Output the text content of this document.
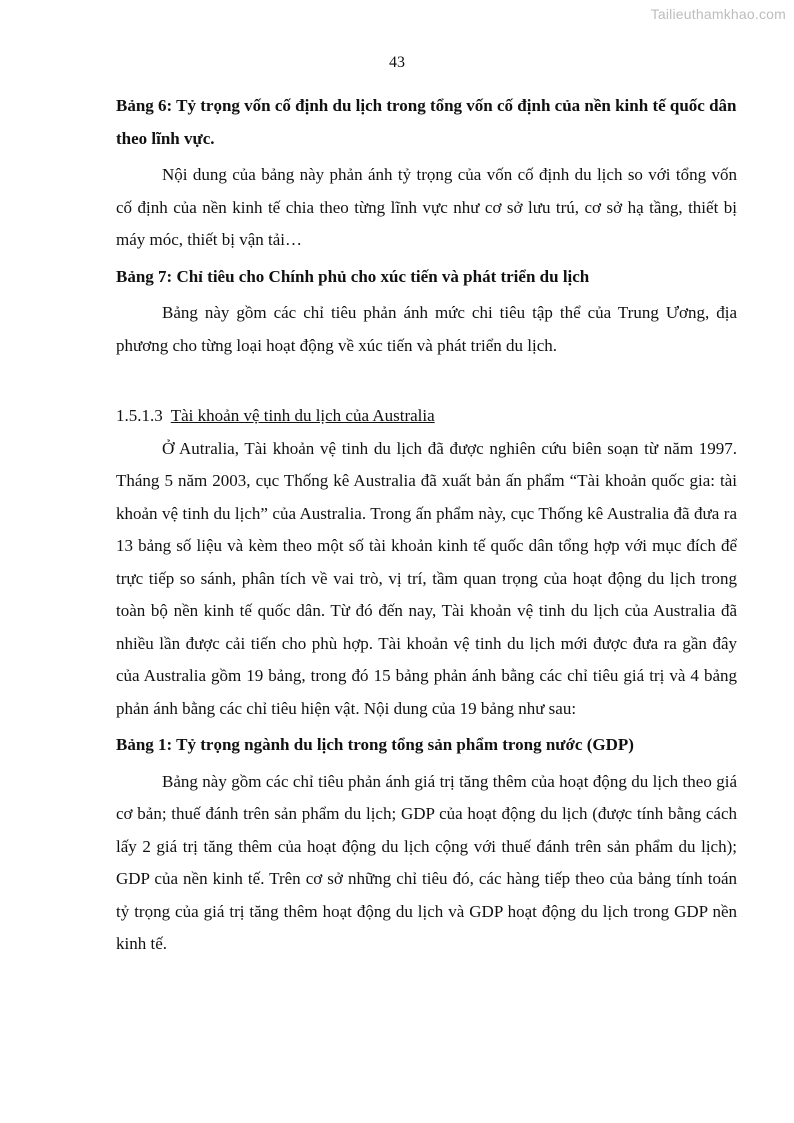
Tailieuthamkhao.com
43

Bảng 6: Tỷ trọng vốn cố định du lịch trong tổng vốn cố định của nền kinh tế quốc dân theo lĩnh vực.

Nội dung của bảng này phản ánh tỷ trọng của vốn cố định du lịch so với tổng vốn cố định của nền kinh tế chia theo từng lĩnh vực như cơ sở lưu trú, cơ sở hạ tầng, thiết bị máy móc, thiết bị vận tải…

Bảng 7: Chỉ tiêu cho Chính phủ cho xúc tiến và phát triển du lịch

Bảng này gồm các chỉ tiêu phản ánh mức chi tiêu tập thể của Trung Ương, địa phương cho từng loại hoạt động về xúc tiến và phát triển du lịch.

1.5.1.3 Tài khoản vệ tinh du lịch của Australia

Ở Autralia, Tài khoản vệ tinh du lịch đã được nghiên cứu biên soạn từ năm 1997. Tháng 5 năm 2003, cục Thống kê Australia đã xuất bản ấn phẩm “Tài khoản quốc gia: tài khoản vệ tinh du lịch” của Australia. Trong ấn phẩm này, cục Thống kê Australia đã đưa ra 13 bảng số liệu và kèm theo một số tài khoản kinh tế quốc dân tổng hợp với mục đích để trực tiếp so sánh, phân tích về vai trò, vị trí, tầm quan trọng của hoạt động du lịch trong toàn bộ nền kinh tế quốc dân. Từ đó đến nay, Tài khoản vệ tinh du lịch của Australia đã nhiều lần được cải tiến cho phù hợp. Tài khoản vệ tinh du lịch mới được đưa ra gần đây của Australia gồm 19 bảng, trong đó 15 bảng phản ánh bằng các chỉ tiêu giá trị và 4 bảng phản ánh bằng các chỉ tiêu hiện vật. Nội dung của 19 bảng như sau:

Bảng 1: Tỷ trọng ngành du lịch trong tổng sản phẩm trong nước (GDP)

Bảng này gồm các chỉ tiêu phản ánh giá trị tăng thêm của hoạt động du lịch theo giá cơ bản; thuế đánh trên sản phẩm du lịch; GDP của hoạt động du lịch (được tính bằng cách lấy 2 giá trị tăng thêm của hoạt động du lịch cộng với thuế đánh trên sản phẩm du lịch); GDP của nền kinh tế. Trên cơ sở những chỉ tiêu đó, các hàng tiếp theo của bảng tính toán tỷ trọng của giá trị tăng thêm hoạt động du lịch và GDP hoạt động du lịch trong GDP nền kinh tế.
